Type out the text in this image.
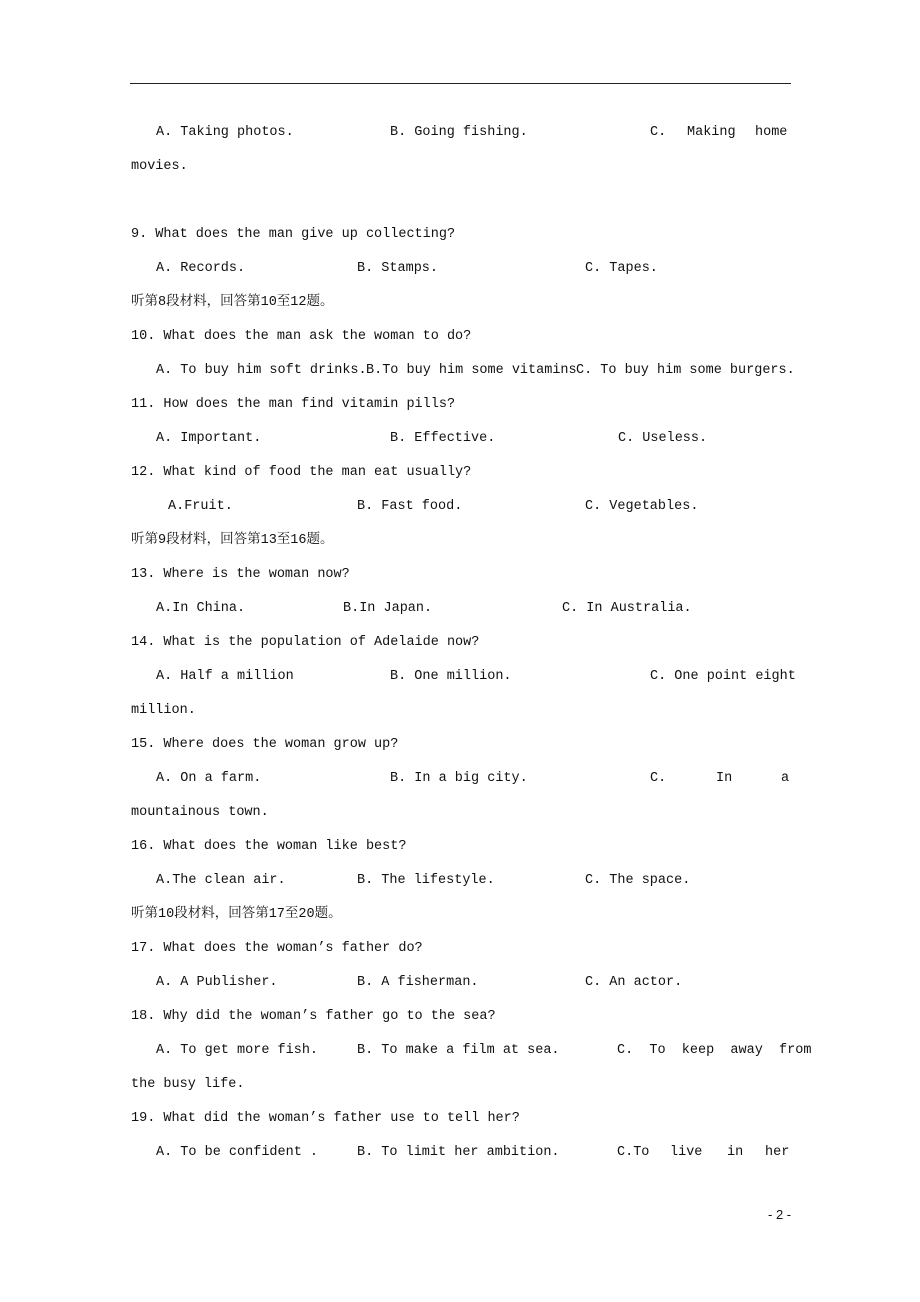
A. Taking photos.	B. Going fishing.	C. Making home
movies.
9. What does the man give up collecting?
A. Records.	B. Stamps.	C. Tapes.
听第8段材料，回答第10至12题。
10. What does the man ask the woman to do?
A. To buy him soft drinks. B.To buy him some vitamins C. To buy him some burgers.
11. How does the man find vitamin pills?
A. Important.	B. Effective.	C. Useless.
12. What kind of food the man eat usually?
A.Fruit.	B. Fast food.	C. Vegetables.
听第9段材料，回答第13至16题。
13. Where is the woman now?
A.In China.	B.In Japan.	C. In Australia.
14. What is the population of Adelaide now?
A. Half a million	B. One million.	C. One point eight
million.
15. Where does the woman grow up?
A. On a farm.	B. In a big city.	C.	In	a
mountainous town.
16. What does the woman like best?
A.The clean air.	B. The lifestyle.	C. The space.
听第10段材料，回答第17至20题。
17. What does the woman’s father do?
A. A Publisher.	B. A fisherman.	C. An actor.
18. Why did the woman’s father go to the sea?
A. To get more fish.	B. To make a film at sea.	C.  To  keep  away  from
the busy life.
19. What did the woman’s father use to tell her?
A. To be confident .	B. To limit her ambition.	C.To live in her
- 2 -
